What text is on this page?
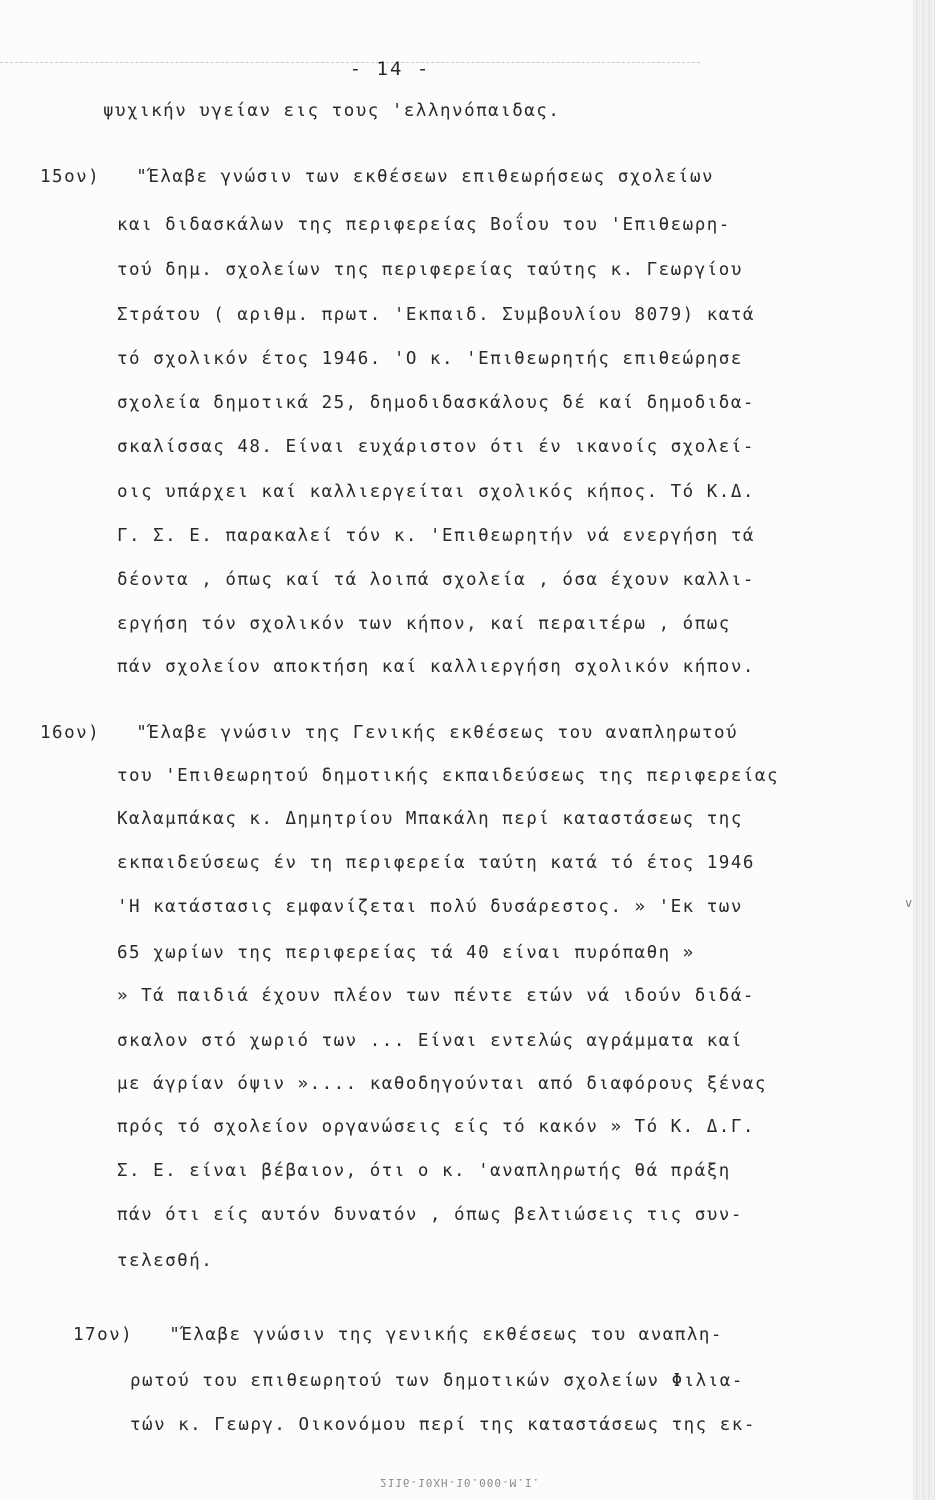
- 14 -
ψυχικήν υγείαν εις τους 'ελληνόπαιδας.
15ον)   "Έλαβε γνώσιν των εκθέσεων επιθεωρήσεως σχολείων
και διδασκάλων της περιφερείας Βοΐου του 'Επιθεωρη-
τού δημ. σχολείων της περιφερείας ταύτης κ. Γεωργίου
Στράτου ( αριθμ. πρωτ. 'Εκπαιδ. Συμβουλίου 8079) κατά
τό σχολικόν έτος 1946. 'Ο κ. 'Επιθεωρητής επιθεώρησε
σχολεία δημοτικά 25, δημοδιδασκάλους δέ καί δημοδιδα-
σκαλίσσας 48. Είναι ευχάριστον ότι έν ικανοίς σχολεί-
οις υπάρχει καί καλλιεργείται σχολικός κήπος. Τό Κ.Δ.
Γ. Σ. Ε. παρακαλεί τόν κ. 'Επιθεωρητήν νά ενεργήση τά
δέοντα , όπως καί τά λοιπά σχολεία , όσα έχουν καλλι-
εργήση τόν σχολικόν των κήπον, καί περαιτέρω , όπως
πάν σχολείον αποκτήση καί καλλιεργήση σχολικόν κήπον.
16ον)   "Έλαβε γνώσιν της Γενικής εκθέσεως του αναπληρωτού
του 'Επιθεωρητού δημοτικής εκπαιδεύσεως της περιφερείας
Καλαμπάκας κ. Δημητρίου Μπακάλη περί καταστάσεως της
εκπαιδεύσεως έν τη περιφερεία ταύτη κατά τό έτος 1946
'Η κατάστασις εμφανίζεται πολύ δυσάρεστος. » 'Εκ των
65 χωρίων της περιφερείας τά 40 είναι πυρόπαθη »
» Τά παιδιά έχουν πλέον των πέντε ετών νά ιδούν διδά-
σκαλον στό χωριό των ... Είναι εντελώς αγράμματα καί
με άγρίαν όψιν ».... καθοδηγούνται από διαφόρους ξένας
πρός τό σχολείον οργανώσεις είς τό κακόν » Τό Κ. Δ.Γ.
Σ. Ε. είναι βέβαιον, ότι ο κ. 'αναπληρωτής θά πράξη
πάν ότι είς αυτόν δυνατόν , όπως βελτιώσεις τις συν-
τελεσθή.
17ον)   "Έλαβε γνώσιν της γενικής εκθέσεως του αναπλη-
ρωτού του επιθεωρητού των δημοτικών σχολείων Φιλια-
τών κ. Γεωργ. Οικονόμου περί της καταστάσεως της εκ-
v
2116-10ΧΗ-10.000-Μ.Ι.
